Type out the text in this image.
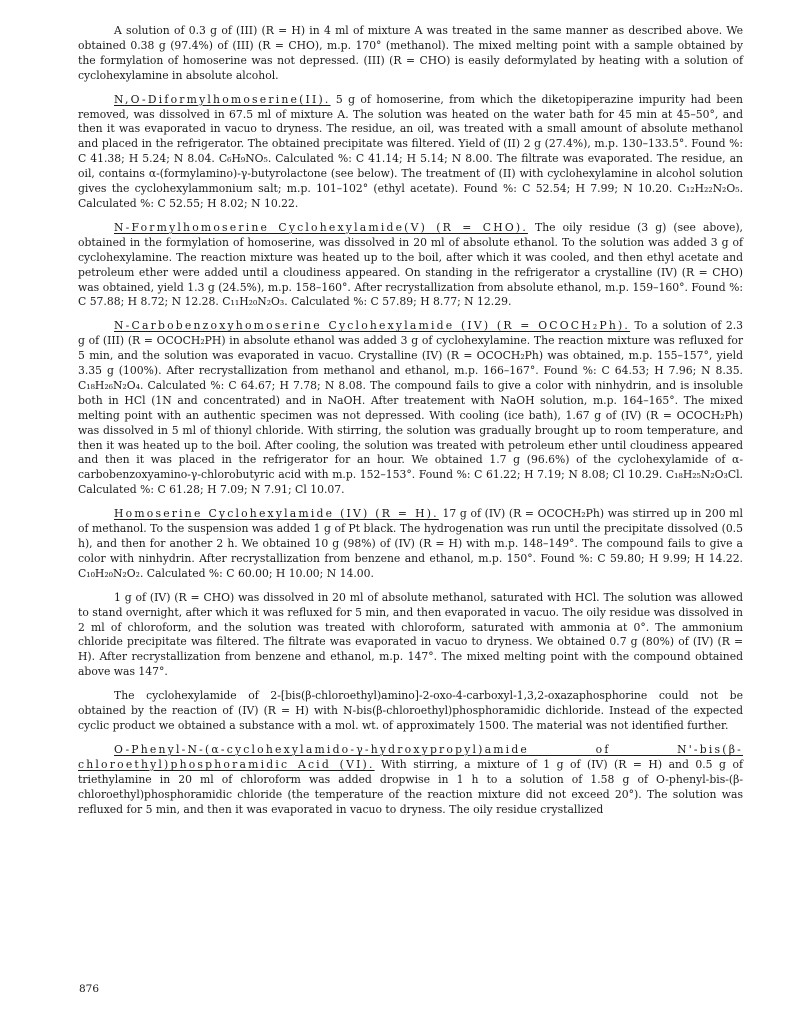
A solution of 0.3 g of (III) (R = H) in 4 ml of mixture A was treated in the same manner as described above. We obtained 0.38 g (97.4%) of (III) (R = CHO), m.p. 170° (methanol). The mixed melting point with a sample obtained by the formylation of homoserine was not depressed. (III) (R = CHO) is easily deformylated by heating with a solution of cyclohexylamine in absolute alcohol.

N,O-Diformylhomoserine(II). 5 g of homoserine, from which the diketopiperazine impurity had been removed, was dissolved in 67.5 ml of mixture A. The solution was heated on the water bath for 45 min at 45–50°, and then it was evaporated in vacuo to dryness. The residue, an oil, was treated with a small amount of absolute methanol and placed in the refrigerator. The obtained precipitate was filtered. Yield of (II) 2 g (27.4%), m.p. 130–133.5°. Found %: C 41.38; H 5.24; N 8.04. C₆H₉NO₅. Calculated %: C 41.14; H 5.14; N 8.00. The filtrate was evaporated. The residue, an oil, contains α-(formylamino)-γ-butyrolactone (see below). The treatment of (II) with cyclohexylamine in alcohol solution gives the cyclohexylammonium salt; m.p. 101–102° (ethyl acetate). Found %: C 52.54; H 7.99; N 10.20. C₁₂H₂₂N₂O₅. Calculated %: C 52.55; H 8.02; N 10.22.

N-Formylhomoserine Cyclohexylamide(V) (R = CHO). The oily residue (3 g) (see above), obtained in the formylation of homoserine, was dissolved in 20 ml of absolute ethanol. To the solution was added 3 g of cyclohexylamine. The reaction mixture was heated up to the boil, after which it was cooled, and then ethyl acetate and petroleum ether were added until a cloudiness appeared. On standing in the refrigerator a crystalline (IV) (R = CHO) was obtained, yield 1.3 g (24.5%), m.p. 158–160°. After recrystallization from absolute ethanol, m.p. 159–160°. Found %: C 57.88; H 8.72; N 12.28. C₁₁H₂₀N₂O₃. Calculated %: C 57.89; H 8.77; N 12.29.

N-Carbobenzoxyhomoserine Cyclohexylamide (IV) (R = OCOCH₂Ph). To a solution of 2.3 g of (III) (R = OCOCH₂PH) in absolute ethanol was added 3 g of cyclohexylamine. The reaction mixture was refluxed for 5 min, and the solution was evaporated in vacuo. Crystalline (IV) (R = OCOCH₂Ph) was obtained, m.p. 155–157°, yield 3.35 g (100%). After recrystallization from methanol and ethanol, m.p. 166–167°. Found %: C 64.53; H 7.96; N 8.35. C₁₈H₂₆N₂O₄. Calculated %: C 64.67; H 7.78; N 8.08. The compound fails to give a color with ninhydrin, and is insoluble both in HCl (1N and concentrated) and in NaOH. After treatement with NaOH solution, m.p. 164–165°. The mixed melting point with an authentic specimen was not depressed. With cooling (ice bath), 1.67 g of (IV) (R = OCOCH₂Ph) was dissolved in 5 ml of thionyl chloride. With stirring, the solution was gradually brought up to room temperature, and then it was heated up to the boil. After cooling, the solution was treated with petroleum ether until cloudiness appeared and then it was placed in the refrigerator for an hour. We obtained 1.7 g (96.6%) of the cyclohexylamide of α-carbobenzoxyamino-γ-chlorobutyric acid with m.p. 152–153°. Found %: C 61.22; H 7.19; N 8.08; Cl 10.29. C₁₈H₂₅N₂O₃Cl. Calculated %: C 61.28; H 7.09; N 7.91; Cl 10.07.

Homoserine Cyclohexylamide (IV) (R = H). 17 g of (IV) (R = OCOCH₂Ph) was stirred up in 200 ml of methanol. To the suspension was added 1 g of Pt black. The hydrogenation was run until the precipitate dissolved (0.5 h), and then for another 2 h. We obtained 10 g (98%) of (IV) (R = H) with m.p. 148–149°. The compound fails to give a color with ninhydrin. After recrystallization from benzene and ethanol, m.p. 150°. Found %: C 59.80; H 9.99; H 14.22. C₁₀H₂₀N₂O₂. Calculated %: C 60.00; H 10.00; N 14.00.

1 g of (IV) (R = CHO) was dissolved in 20 ml of absolute methanol, saturated with HCl. The solution was allowed to stand overnight, after which it was refluxed for 5 min, and then evaporated in vacuo. The oily residue was dissolved in 2 ml of chloroform, and the solution was treated with chloroform, saturated with ammonia at 0°. The ammonium chloride precipitate was filtered. The filtrate was evaporated in vacuo to dryness. We obtained 0.7 g (80%) of (IV) (R = H). After recrystallization from benzene and ethanol, m.p. 147°. The mixed melting point with the compound obtained above was 147°.

The cyclohexylamide of 2-[bis(β-chloroethyl)amino]-2-oxo-4-carboxyl-1,3,2-oxazaphosphorine could not be obtained by the reaction of (IV) (R = H) with N-bis(β-chloroethyl)phosphoramidic dichloride. Instead of the expected cyclic product we obtained a substance with a mol. wt. of approximately 1500. The material was not identified further.

O-Phenyl-N-(α-cyclohexylamido-γ-hydroxypropyl)amide of N'-bis(β-chloroethyl)phosphoramidic Acid (VI). With stirring, a mixture of 1 g of (IV) (R = H) and 0.5 g of triethylamine in 20 ml of chloroform was added dropwise in 1 h to a solution of 1.58 g of O-phenyl-bis-(β-chloroethyl)phosphoramidic chloride (the temperature of the reaction mixture did not exceed 20°). The solution was refluxed for 5 min, and then it was evaporated in vacuo to dryness. The oily residue crystallized

876
